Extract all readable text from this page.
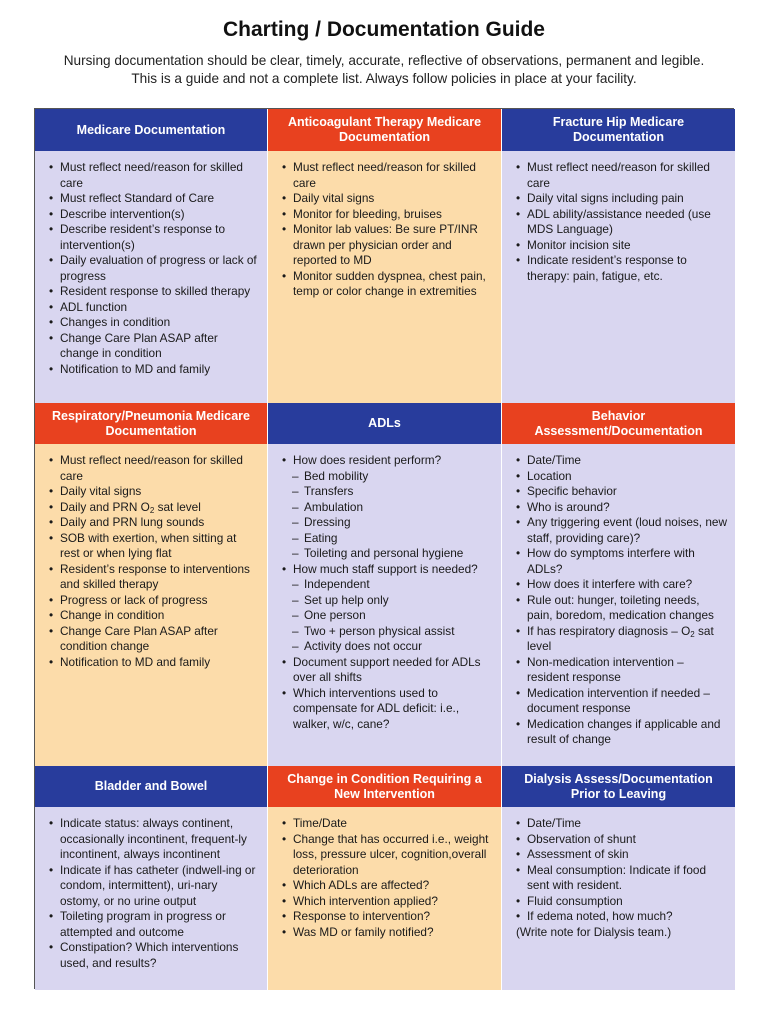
Charting / Documentation Guide
Nursing documentation should be clear, timely, accurate, reflective of observations, permanent and legible. This is a guide and not a complete list. Always follow policies in place at your facility.
Medicare Documentation
Anticoagulant Therapy Medicare Documentation
Fracture Hip Medicare Documentation
• Must reflect need/reason for skilled care
• Must reflect Standard of Care
• Describe intervention(s)
• Describe resident’s response to intervention(s)
• Daily evaluation of progress or lack of progress
• Resident response to skilled therapy
• ADL function
• Changes in condition
• Change Care Plan ASAP after change in condition
• Notification to MD and family
• Must reflect need/reason for skilled care
• Daily vital signs
• Monitor for bleeding, bruises
• Monitor lab values: Be sure PT/INR drawn per physician order and reported to MD
• Monitor sudden dyspnea, chest pain, temp or color change in extremities
• Must reflect need/reason for skilled care
• Daily vital signs including pain
• ADL ability/assistance needed (use MDS Language)
• Monitor incision site
• Indicate resident’s response to therapy: pain, fatigue, etc.
Respiratory/Pneumonia Medicare Documentation
ADLs
Behavior Assessment/Documentation
• Must reflect need/reason for skilled care
• Daily vital signs
• Daily and PRN $O_2$ sat level
• Daily and PRN lung sounds
• SOB with exertion, when sitting at rest or when lying flat
• Resident’s response to interventions and skilled therapy
• Progress or lack of progress
• Change in condition
• Change Care Plan ASAP after condition change
• Notification to MD and family
• How does resident perform?
– Bed mobility
– Transfers
– Ambulation
– Dressing
– Eating
– Toileting and personal hygiene
• How much staff support is needed?
– Independent
– Set up help only
– One person
– Two + person physical assist
– Activity does not occur
• Document support needed for ADLs over all shifts
• Which interventions used to compensate for ADL deficit: i.e., walker, w/c, cane?
• Date/Time
• Location
• Specific behavior
• Who is around?
• Any triggering event (loud noises, new staff, providing care)?
• How do symptoms interfere with ADLs?
• How does it interfere with care?
• Rule out: hunger, toileting needs, pain, boredom, medication changes
• If has respiratory diagnosis – $O_2$ sat level
• Non-medication intervention – resident response
• Medication intervention if needed – document response
• Medication changes if applicable and result of change
Bladder and Bowel
Change in Condition Requiring a New Intervention
Dialysis Assess/Documentation Prior to Leaving
• Indicate status: always continent, occasionally incontinent, frequent-ly incontinent, always incontinent
• Indicate if has catheter (indwell-ing or condom, intermittent), uri-nary ostomy, or no urine output
• Toileting program in progress or attempted and outcome
• Constipation? Which interventions used, and results?
• Time/Date
• Change that has occurred i.e., weight loss, pressure ulcer, cognition,overall deterioration
• Which ADLs are affected?
• Which intervention applied?
• Response to intervention?
• Was MD or family notified?
• Date/Time
• Observation of shunt
• Assessment of skin
• Meal consumption: Indicate if food sent with resident.
• Fluid consumption
• If edema noted, how much?
(Write note for Dialysis team.)
